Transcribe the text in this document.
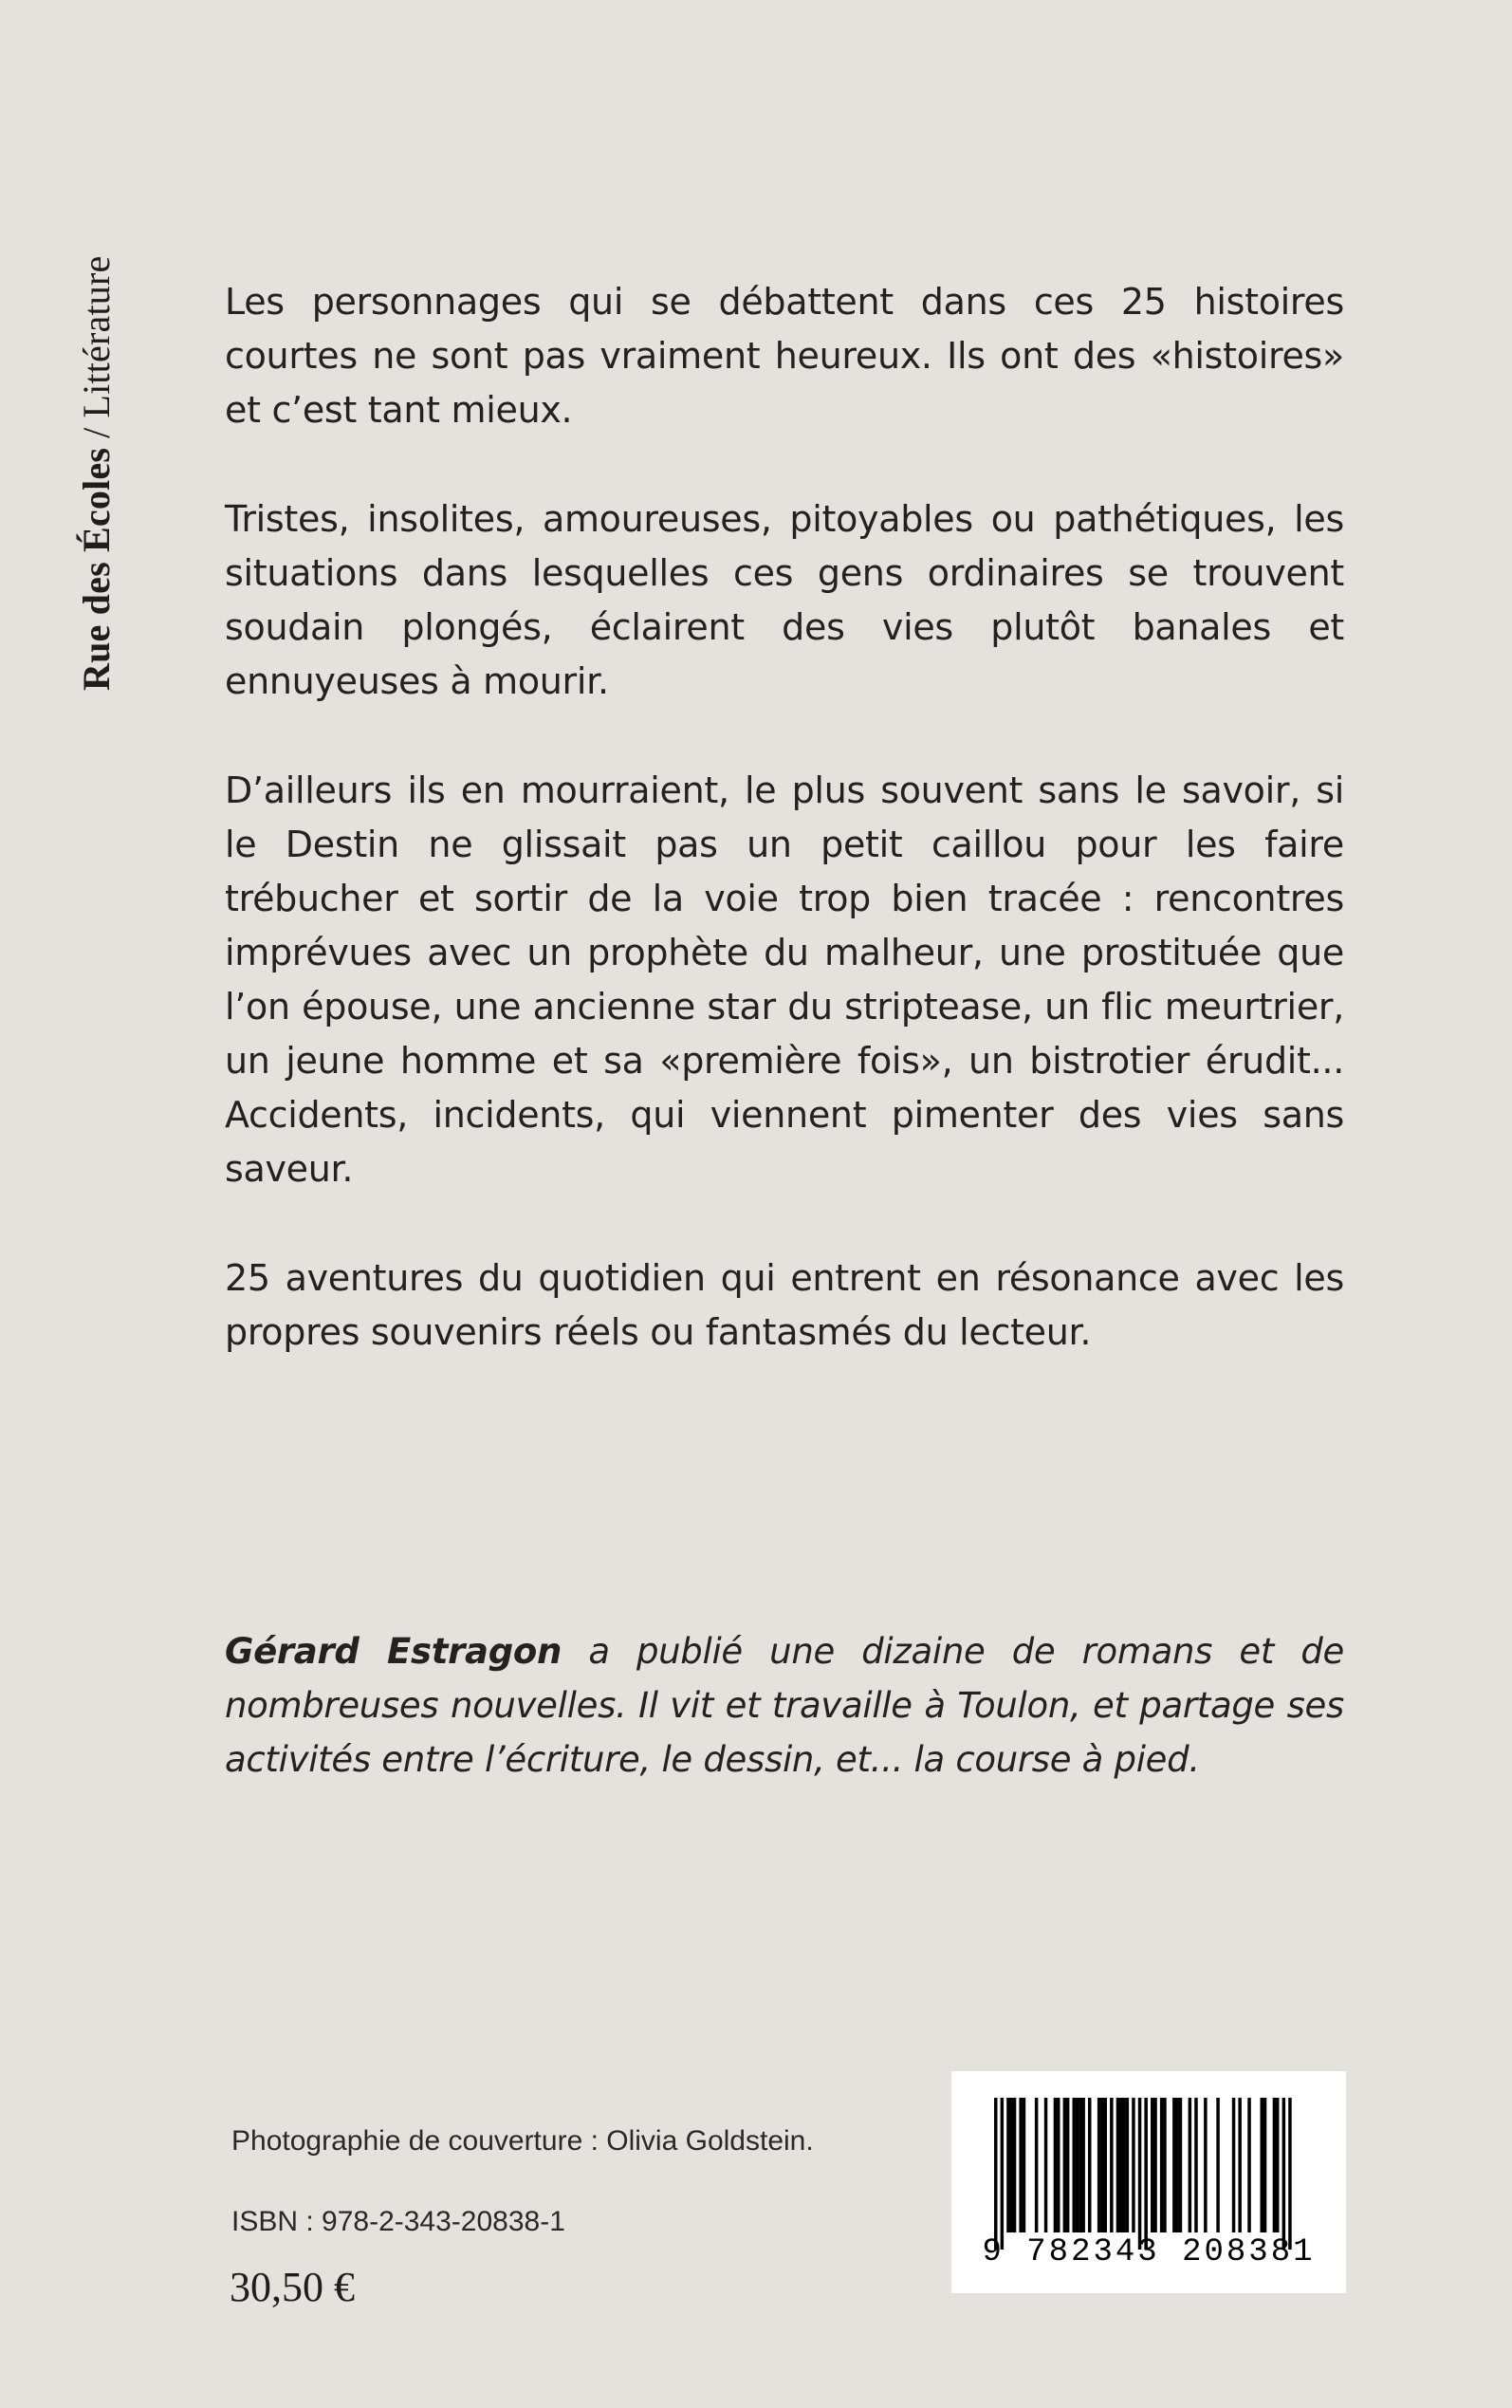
Rue des Écoles/Littérature	Les personnages qui se débattent dans ces 25 histoires courtes ne sont pas vraiment heureux. Ils ont des «histoires» et c’est tant mieux.

Tristes, insolites, amoureuses, pitoyables ou pathétiques, les situations dans lesquelles ces gens ordinaires se trouvent soudain plongés, éclairent des vies plutôt banales et ennuyeuses à mourir.

D’ailleurs ils en mourraient, le plus souvent sans le savoir, si le Destin ne glissait pas un petit caillou pour les faire trébucher et sortir de la voie trop bien tracée : rencontres imprévues avec un prophète du malheur, une prostituée que l’on épouse, une ancienne star du striptease, un flic meurtrier, un jeune homme et sa «première fois», un bistrotier érudit... Accidents, incidents, qui viennent pimenter des vies sans saveur.

25 aventures du quotidien qui entrent en résonance avec les propres souvenirs réels ou fantasmés du lecteur.

Gérard Estragon a publié une dizaine de romans et de nombreuses nouvelles. Il vit et travaille à Toulon, et partage ses activités entre l’écriture, le dessin, et... la course à pied.
Photographie de couverture : Olivia Goldstein.
ISBN : 978-2-343-20838-1
30,50 €
9 782343 208381
